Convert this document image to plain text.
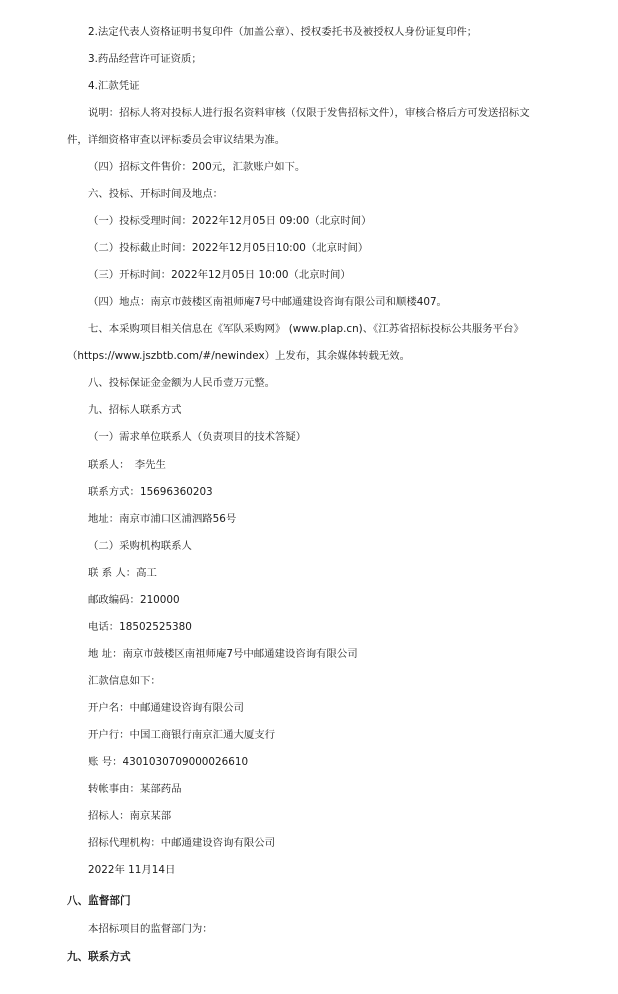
2.法定代表人资格证明书复印件（加盖公章）、授权委托书及被授权人身份证复印件；
3.药品经营许可证资质；
4.汇款凭证
说明：招标人将对投标人进行报名资料审核（仅限于发售招标文件），审核合格后方可发送招标文
件，详细资格审查以评标委员会审议结果为准。
（四）招标文件售价：200元，汇款账户如下。
六、投标、开标时间及地点：
（一）投标受理时间：2022年12月05日 09:00（北京时间）
（二）投标截止时间：2022年12月05日10:00（北京时间）
（三）开标时间：2022年12月05日 10:00（北京时间）
（四）地点：南京市鼓楼区南祖师庵7号中邮通建设咨询有限公司和顺楼407。
七、本采购项目相关信息在《军队采购网》 (www.plap.cn)、《江苏省招标投标公共服务平台》
（https://www.jszbtb.com/#/newindex）上发布，其余媒体转载无效。
八、投标保证金金额为人民币壹万元整。
九、招标人联系方式
（一）需求单位联系人（负责项目的技术答疑）
联系人：　李先生
联系方式：15696360203
地址：南京市浦口区浦泗路56号
（二）采购机构联系人
联 系 人：高工
邮政编码：210000
电话：18502525380
地 址：南京市鼓楼区南祖师庵7号中邮通建设咨询有限公司
汇款信息如下：
开户名：中邮通建设咨询有限公司
开户行：中国工商银行南京汇通大厦支行
账 号：4301030709000026610
转帐事由：某部药品
招标人：南京某部
招标代理机构：中邮通建设咨询有限公司
2022年 11月14日
八、监督部门
本招标项目的监督部门为：
九、联系方式
